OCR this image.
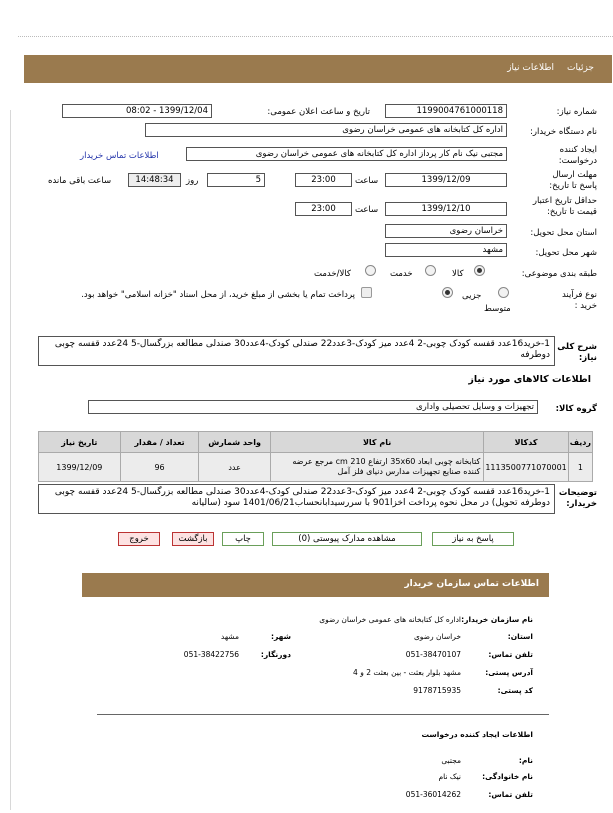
جزئیات
اطلاعات نیاز
شماره نیاز:
1199004761000118
تاریخ و ساعت اعلان عمومی:
1399/12/04 - 08:02
نام دستگاه خریدار:
اداره کل کتابخانه های عمومی خراسان رضوی
ایجاد کننده درخواست:
مجتبی نیک نام کار پرداز اداره کل کتابخانه های عمومی خراسان رضوی
اطلاعات تماس خریدار
مهلت ارسال پاسخ تا تاریخ:
1399/12/09
ساعت
23:00
5
روز
14:48:34
ساعت باقی مانده
حداقل تاریخ اعتبار قیمت تا تاریخ:
1399/12/10
ساعت
23:00
استان محل تحویل:
خراسان رضوی
شهر محل تحویل:
مشهد
طبقه بندی موضوعی:
کالا
خدمت
کالا/خدمت
نوع فرآیند خرید :
متوسط
جزیی
پرداخت تمام یا بخشی از مبلغ خرید، از محل اسناد "خزانه اسلامی" خواهد بود.
شرح کلی نیاز:
1-خرید16عدد قفسه کودک چوبی-2 4عدد میز کودک-3عدد22 صندلی کودک-4عدد30 صندلی مطالعه بزرگسال-5 24عدد قفسه چوبی دوطرفه
اطلاعات کالاهای مورد نیاز
گروه کالا:
تجهیزات و وسایل تحصیلی واداری
ردیف	کدکالا	نام کالا	واحد شمارش	تعداد / مقدار	تاریخ نیاز
1	1113500771070001	کتابخانه چوبی ابعاد 35x60 ارتفاع 210 cm مرجع عرضه کننده صنایع تجهیزات مدارس دنیای فلز آمل	عدد	96	1399/12/09
توضیحات خریدار:
1-خرید16عدد قفسه کودک چوبی-2 4عدد میز کودک-3عدد22 صندلی کودک-4عدد30 صندلی مطالعه بزرگسال-5 24عدد قفسه چوبی دوطرفه تحویل) در محل نحوه پرداخت اخزا901 با سررسیدابانحساب1401/06/21 سود (سالیانه
پاسخ به نیاز
مشاهده مدارک پیوستی (0)
چاپ
بازگشت
خروج
اطلاعات تماس سازمان خریدار
نام سازمان خریدار:
اداره کل کتابخانه های عمومی خراسان رضوی
استان:
خراسان رضوی
شهر:
مشهد
تلفن تماس:
051-38470107
دورنگار:
051-38422756
آدرس پستی:
مشهد بلوار بعثت - بین بعثت 2 و 4
کد پستی:
9178715935
اطلاعات ایجاد کننده درخواست
نام:
مجتبی
نام خانوادگی:
نیک نام
تلفن تماس:
051-36014262
